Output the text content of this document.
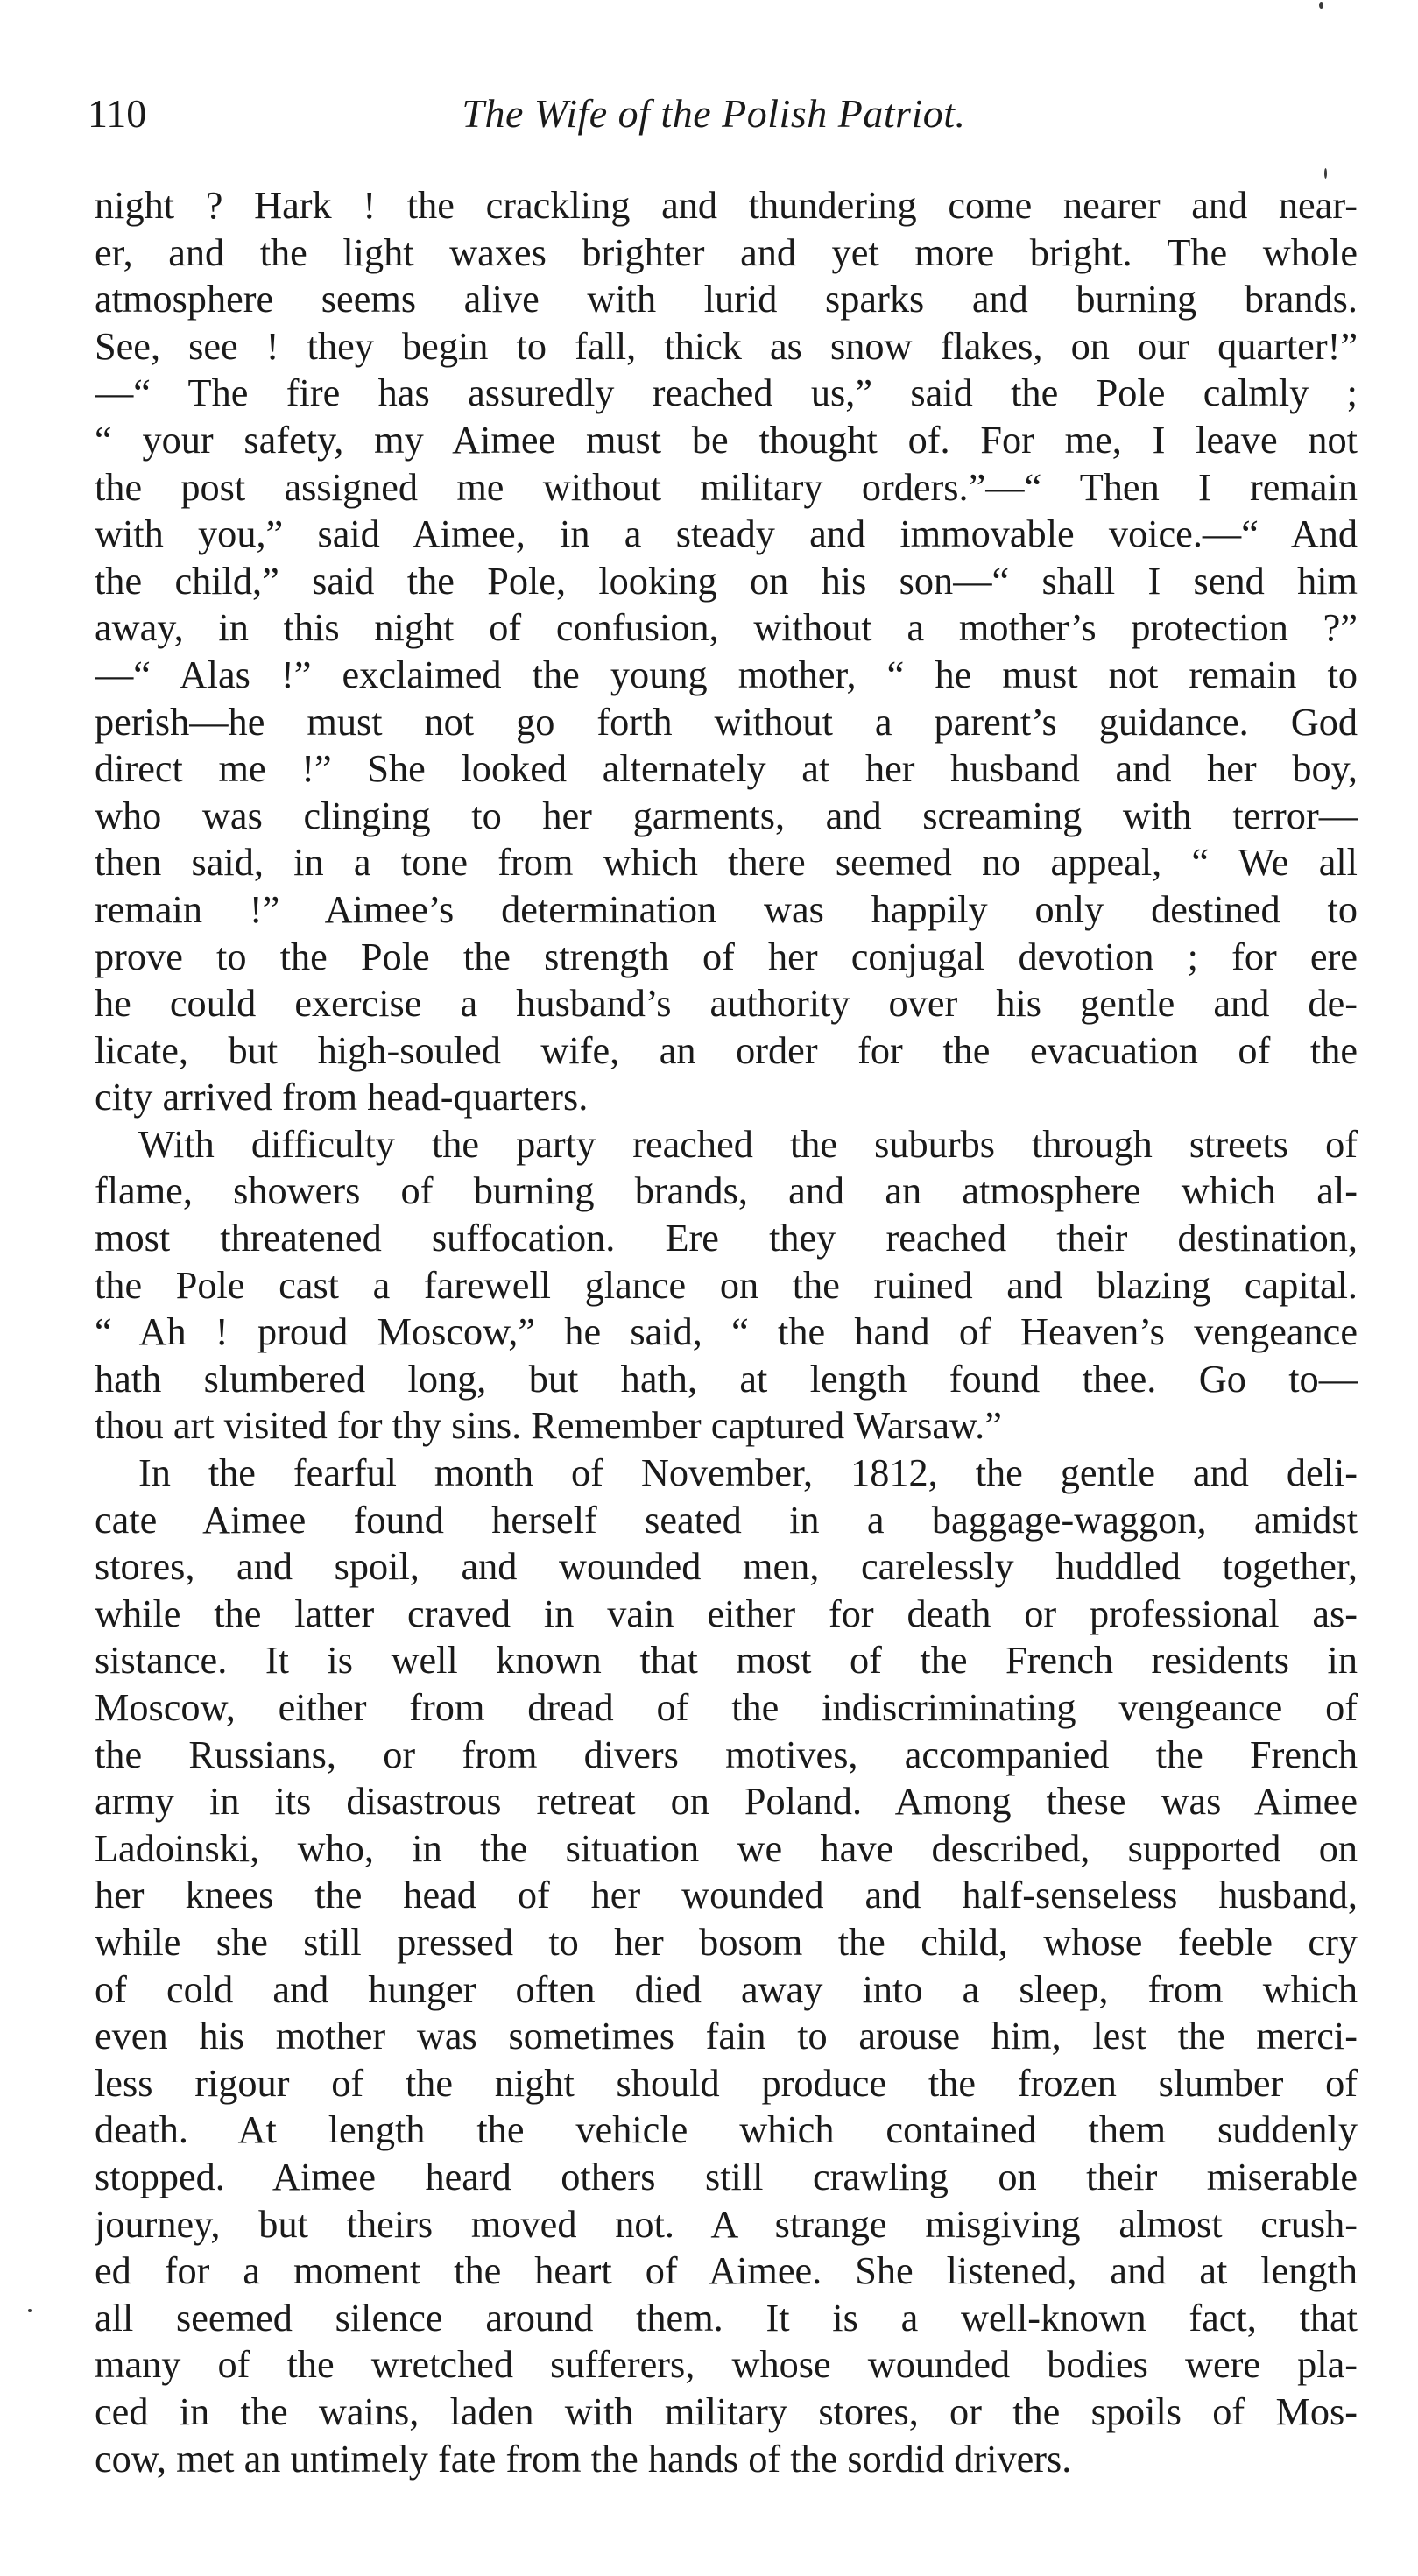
110	The Wife of the Polish Patriot.
night ? Hark ! the crackling and thundering come nearer and near-
er, and the light waxes brighter and yet more bright. The whole
atmosphere seems alive with lurid sparks and burning brands.
See, see ! they begin to fall, thick as snow flakes, on our quarter!”
—“ The fire has assuredly reached us,” said the Pole calmly ;
“ your safety, my Aimee must be thought of. For me, I leave not
the post assigned me without military orders.”—“ Then I remain
with you,” said Aimee, in a steady and immovable voice.—“ And
the child,” said the Pole, looking on his son—“ shall I send him
away, in this night of confusion, without a mother’s protection ?”
—“ Alas !” exclaimed the young mother, “ he must not remain to
perish—he must not go forth without a parent’s guidance. God
direct me !” She looked alternately at her husband and her boy,
who was clinging to her garments, and screaming with terror—
then said, in a tone from which there seemed no appeal, “ We all
remain !” Aimee’s determination was happily only destined to
prove to the Pole the strength of her conjugal devotion ; for ere
he could exercise a husband’s authority over his gentle and de-
licate, but high-souled wife, an order for the evacuation of the
city arrived from head-quarters.
With difficulty the party reached the suburbs through streets of
flame, showers of burning brands, and an atmosphere which al-
most threatened suffocation. Ere they reached their destination,
the Pole cast a farewell glance on the ruined and blazing capital.
“ Ah ! proud Moscow,” he said, “ the hand of Heaven’s vengeance
hath slumbered long, but hath, at length found thee. Go to—
thou art visited for thy sins. Remember captured Warsaw.”
In the fearful month of November, 1812, the gentle and deli-
cate Aimee found herself seated in a baggage-waggon, amidst
stores, and spoil, and wounded men, carelessly huddled together,
while the latter craved in vain either for death or professional as-
sistance. It is well known that most of the French residents in
Moscow, either from dread of the indiscriminating vengeance of
the Russians, or from divers motives, accompanied the French
army in its disastrous retreat on Poland. Among these was Aimee
Ladoinski, who, in the situation we have described, supported on
her knees the head of her wounded and half-senseless husband,
while she still pressed to her bosom the child, whose feeble cry
of cold and hunger often died away into a sleep, from which
even his mother was sometimes fain to arouse him, lest the merci-
less rigour of the night should produce the frozen slumber of
death. At length the vehicle which contained them suddenly
stopped. Aimee heard others still crawling on their miserable
journey, but theirs moved not. A strange misgiving almost crush-
ed for a moment the heart of Aimee. She listened, and at length
all seemed silence around them. It is a well-known fact, that
many of the wretched sufferers, whose wounded bodies were pla-
ced in the wains, laden with military stores, or the spoils of Mos-
cow, met an untimely fate from the hands of the sordid drivers.
